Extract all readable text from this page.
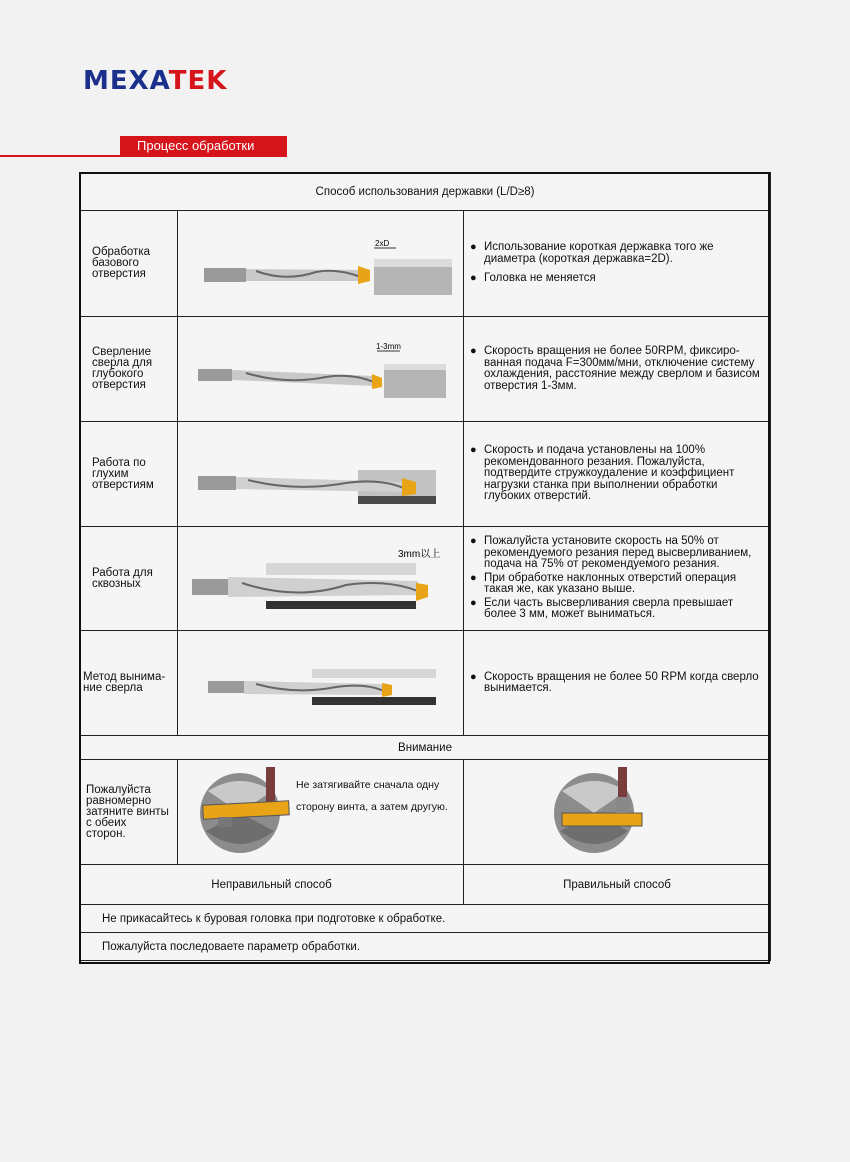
MEXATEK
Процесс обработки
Способ использования державки (L/D≥8)		
Обработка базового отверстия	2xD	● Использование короткая державка того же диаметра (короткая державка=2D).
● Головка не меняется

Сверление сверла для глубокого отверстия	1-3mm	● Скорость вращения не более 50RPM, фиксиро-ванная подача F=300мм/мни, отключение систему охлаждения, расстояние между сверлом и базисом отверстия 1-3мм.

Работа по глухим отверстиям		● Скорость и подача установлены на 100% рекомендованного резания. Пожалуйста, подтвердите стружкоудаление и коэффициент нагрузки станка при выполнении обработки глубоких отверстий.

Работа для сквозных	3mm以上	● Пожалуйста установите скорость на 50% от рекомендуемого резания перед высверливанием, подача на 75% от рекомендуемого резания.
● При обработке наклонных отверстий операция такая же, как указано выше.
● Если часть высверливания сверла превышает более 3 мм, может выниматься.

Метод вынима-ние сверла		● Скорость вращения не более 50 RPM когда сверло вынимается.

Внимание		
Пожалуйста равномерно затяните винты с обеих сторон.	Не затягивайте сначала одну сторону винта, а затем другую.

Неправильный способ		Правильный способ
Не прикасайтесь к буровая головка при подготовке к обработке.		
Пожалуйста последоваете параметр обработки.		
